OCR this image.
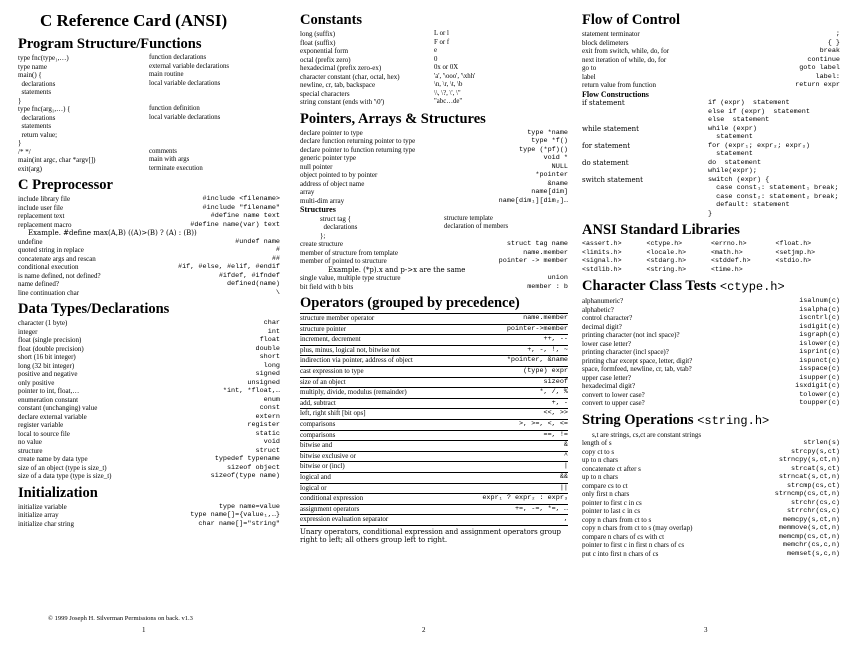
C Reference Card (ANSI)
Program Structure/Functions
type fnc(type₁,…)	function declarations
type name	external variable declarations
main() {	main routine
declarations	local variable declarations
statements
}
type fnc(arg₁,…) {	function definition
declarations	local variable declarations
statements
return value;
}
/* */	comments
main(int argc, char *argv[])	main with args
exit(arg)	terminate execution
C Preprocessor
include library file	#include <filename>
include user file	#include "filename"
replacement text	#define name text
replacement macro	#define name(var) text
Example. #define max(A,B) ((A)>(B) ? (A) : (B))
undefine	#undef name
quoted string in replace	#
concatenate args and rescan	##
conditional execution	#if, #else, #elif, #endif
is name defined, not defined?	#ifdef, #ifndef
name defined?	defined(name)
line continuation char	\
Data Types/Declarations
character (1 byte)	char
integer	int
float (single precision)	float
float (double precision)	double
short (16 bit integer)	short
long (32 bit integer)	long
positive and negative	signed
only positive	unsigned
pointer to int, float,…	*int, *float,…
enumeration constant	enum
constant (unchanging) value	const
declare external variable	extern
register variable	register
local to source file	static
no value	void
structure	struct
create name by data type	typedef typename
size of an object (type is size_t)	sizeof object
size of a data type (type is size_t)	sizeof(type name)
Initialization
initialize variable	type name=value
initialize array	type name[]={value₁,…}
initialize char string	char name[]="string"
Constants
long (suffix)	L or l
float (suffix)	F or f
exponential form	e
octal (prefix zero)	0
hexadecimal (prefix zero-ex)	0x or 0X
character constant (char, octal, hex)	'a', '\ooo', '\xhh'
newline, cr, tab, backspace	\n, \r, \t, \b
special characters	\\, \?, \', \"
string constant (ends with '\0')	"abc…de"
Pointers, Arrays & Structures
declare pointer to type	type *name
declare function returning pointer to type	type *f()
declare pointer to function returning type	type (*pf)()
generic pointer type	void *
null pointer	NULL
object pointed to by pointer	*pointer
address of object name	&name
array	name[dim]
multi-dim array	name[dim₁][dim₂]…
Structures
struct tag {	structure template
declarations	declaration of members
};
create structure	struct tag name
member of structure from template	name.member
member of pointed to structure	pointer -> member
Example. (*p).x and p->x are the same
single value, multiple type structure	union
bit field with b bits	member : b
Operators (grouped by precedence)
structure member operator	name.member
structure pointer	pointer->member
increment, decrement	++, --
plus, minus, logical not, bitwise not	+, -, !, ~
indirection via pointer, address of object	*pointer, &name
cast expression to type	(type) expr
size of an object	sizeof
multiply, divide, modulus (remainder)	*, /, %
add, subtract	+, -
left, right shift [bit ops]	<<, >>
comparisons	>, >=, <, <=
comparisons	==, !=
bitwise and	&
bitwise exclusive or	^
bitwise or (incl)	|
logical and	&&
logical or	||
conditional expression	expr₁ ? expr₂ : expr₃
assignment operators	+=, -=, *=, …
expression evaluation separator	,
Unary operators, conditional expression and assignment operators group right to left; all others group left to right.
Flow of Control
statement terminator	;
block delimeters	{ }
exit from switch, while, do, for	break
next iteration of while, do, for	continue
go to	goto label
label	label:
return value from function	return expr
Flow Constructions
if statement	if (expr)  statement
else if (expr)  statement
else  statement
while statement	while (expr)
statement
for statement	for (expr₁; expr₂; expr₃)
statement
do statement	do  statement
while(expr);
switch statement	switch (expr) {
case const₁: statement₁ break;
case const₂: statement₂ break;
default: statement
}
ANSI Standard Libraries
<assert.h>	<ctype.h>	<errno.h>	<float.h>
<limits.h>	<locale.h>	<math.h>	<setjmp.h>
<signal.h>	<stdarg.h>	<stddef.h>	<stdio.h>
<stdlib.h>	<string.h>	<time.h>
Character Class Tests <ctype.h>
alphanumeric?	isalnum(c)
alphabetic?	isalpha(c)
control character?	iscntrl(c)
decimal digit?	isdigit(c)
printing character (not incl space)?	isgraph(c)
lower case letter?	islower(c)
printing character (incl space)?	isprint(c)
printing char except space, letter, digit?	ispunct(c)
space, formfeed, newline, cr, tab, vtab?	isspace(c)
upper case letter?	isupper(c)
hexadecimal digit?	isxdigit(c)
convert to lower case?	tolower(c)
convert to upper case?	toupper(c)
String Operations <string.h>
s,t are strings, cs,ct are constant strings
length of s	strlen(s)
copy ct to s	strcpy(s,ct)
up to n chars	strncpy(s,ct,n)
concatenate ct after s	strcat(s,ct)
up to n chars	strncat(s,ct,n)
compare cs to ct	strcmp(cs,ct)
only first n chars	strncmp(cs,ct,n)
pointer to first c in cs	strchr(cs,c)
pointer to last c in cs	strrchr(cs,c)
copy n chars from ct to s	memcpy(s,ct,n)
copy n chars from ct to s (may overlap)	memmove(s,ct,n)
compare n chars of cs with ct	memcmp(cs,ct,n)
pointer to first c in first n chars of cs	memchr(cs,c,n)
put c into first n chars of cs	memset(s,c,n)
© 1999 Joseph H. Silverman Permissions on back. v1.3
1	2	3
